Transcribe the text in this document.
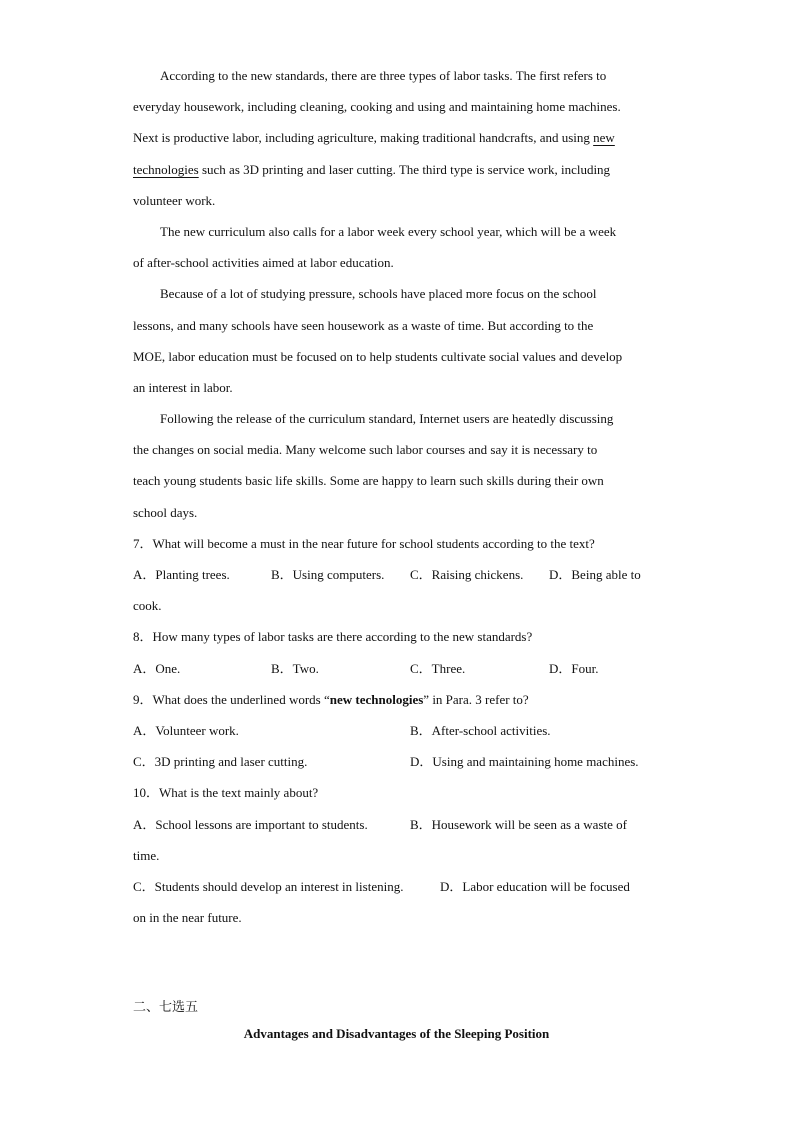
According to the new standards, there are three types of labor tasks. The first refers to
everyday housework, including cleaning, cooking and using and maintaining home machines.
Next is productive labor, including agriculture, making traditional handcrafts, and using new
technologies such as 3D printing and laser cutting. The third type is service work, including
volunteer work.
The new curriculum also calls for a labor week every school year, which will be a week
of after-school activities aimed at labor education.
Because of a lot of studying pressure, schools have placed more focus on the school
lessons, and many schools have seen housework as a waste of time. But according to the
MOE, labor education must be focused on to help students cultivate social values and develop
an interest in labor.
Following the release of the curriculum standard, Internet users are heatedly discussing
the changes on social media. Many welcome such labor courses and say it is necessary to
teach young students basic life skills. Some are happy to learn such skills during their own
school days.
7．What will become a must in the near future for school students according to the text?
A．Planting trees.	B．Using computers.	C．Raising chickens.	D．Being able to
cook.
8．How many types of labor tasks are there according to the new standards?
A．One.	B．Two.	C．Three.	D．Four.
9．What does the underlined words “new technologies” in Para. 3 refer to?
A．Volunteer work.	B．After-school activities.
C．3D printing and laser cutting.	D．Using and maintaining home machines.
10．What is the text mainly about?
A．School lessons are important to students.	B．Housework will be seen as a waste of
time.
C．Students should develop an interest in listening.	D．Labor education will be focused
on in the near future.
二、七选五
Advantages and Disadvantages of the Sleeping Position
